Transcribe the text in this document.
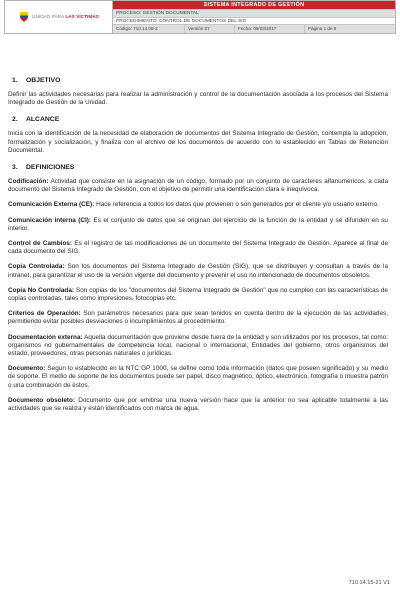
UNIDAD PARA LAS VÍCTIMAS
SISTEMA INTEGRADO DE GESTIÓN
PROCESO: GESTIÓN DOCUMENTAL
PROCEDIMIENTO: CONTROL DE DOCUMENTOS DEL SIG
Código: 710.14.08-2	Versión:07	Fecha: 09/03/2017	Página 1 de 9
1.	OBJETIVO

Definir las actividades necesarias para realizar la administración y control de la documentación asociada a los procesos del Sistema Integrado de Gestión de la Unidad.

2.	ALCANCE

Inicia con la identificación de la necesidad de elaboración de documentos del Sistema Integrado de Gestión, contempla la adopción, formalización y socialización, y finaliza con el archivo de los documentos de acuerdo con lo establecido en Tablas de Retención Documental.

3.	DEFINICIONES

Codificación: Actividad que consiste en la asignación de un código, formado por un conjunto de caracteres alfanuméricos, a cada documento del Sistema Integrado de Gestión, con el objetivo de permitir una identificación clara e inequívoca.

Comunicación Externa (CE): Hace referencia a todos los datos que provienen o son generados por el cliente y/o usuario externo.

Comunicación interna (CI): Es el conjunto de datos que se originan del ejercicio de la función de la entidad y se difunden en su interior.

Control de Cambios: Es el registro de las modificaciones de un documento del Sistema Integrado de Gestión. Aparece al final de cada documento del SIG.

Copia Controlada: Son los documentos del Sistema Integrado de Gestión (SIG), que se distribuyen y consultan a través de la intranet, para garantizar el uso de la versión vigente del documento y prevenir el uso no intencionado de documentos obsoletos.

Copia No Controlada: Son copias de los "documentos del Sistema Integrado de Gestión" que no cumplen con las características de copias controladas, tales como impresiones, fotocopias etc.

Criterios de Operación: Son parámetros necesarios para que sean tenidos en cuenta dentro de la ejecución de las actividades, permitiendo evitar posibles desviaciones o incumplimientos al procedimiento.

Documentación externa: Aquella documentación que proviene desde fuera de la entidad y son utilizados por los procesos, tal como: organismos no gubernamentales de competencia local, nacional o internacional, Entidades del gobierno, otros organismos del estado, proveedores, otras personas naturales o jurídicas.

Documento: Según lo establecido en la NTC GP 1000, se define como toda información (datos que poseen significado) y su medio de soporte. El medio de soporte de los documentos puede ser papel, disco magnético, óptico, electrónico, fotografía o muestra patrón o una combinación de éstos.

Documento obsoleto: Documento que por emitirse una nueva versión hace que la anterior no sea aplicable totalmente a las actividades que se realiza y están identificados con marca de agua.

710.14.15-21 V1
